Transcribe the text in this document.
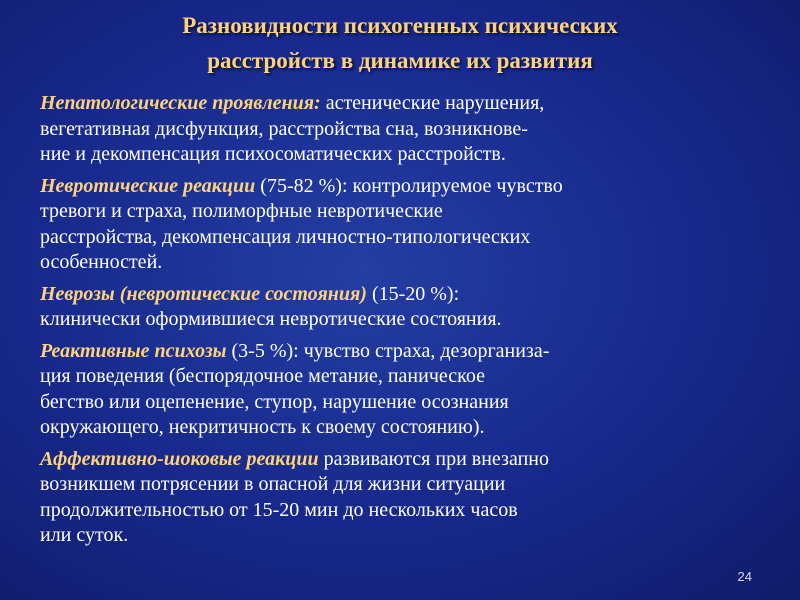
Разновидности психогенных психических
расстройств в динамике их развития
Непатологические проявления: астенические нарушения,
вегетативная дисфункция, расстройства сна, возникнове-
ние и декомпенсация психосоматических расстройств.
Невротические реакции (75-82 %): контролируемое чувство
тревоги и страха, полиморфные невротические
расстройства, декомпенсация личностно-типологических
особенностей.
Неврозы (невротические состояния) (15-20 %):
клинически оформившиеся невротические состояния.
Реактивные психозы (3-5 %): чувство страха, дезорганиза-
ция поведения (беспорядочное метание, паническое
бегство или оцепенение, ступор, нарушение осознания
окружающего, некритичность к своему состоянию).
Аффективно-шоковые реакции развиваются при внезапно
возникшем потрясении в опасной для жизни ситуации
продолжительностью от 15-20 мин до нескольких часов
или суток.
24
